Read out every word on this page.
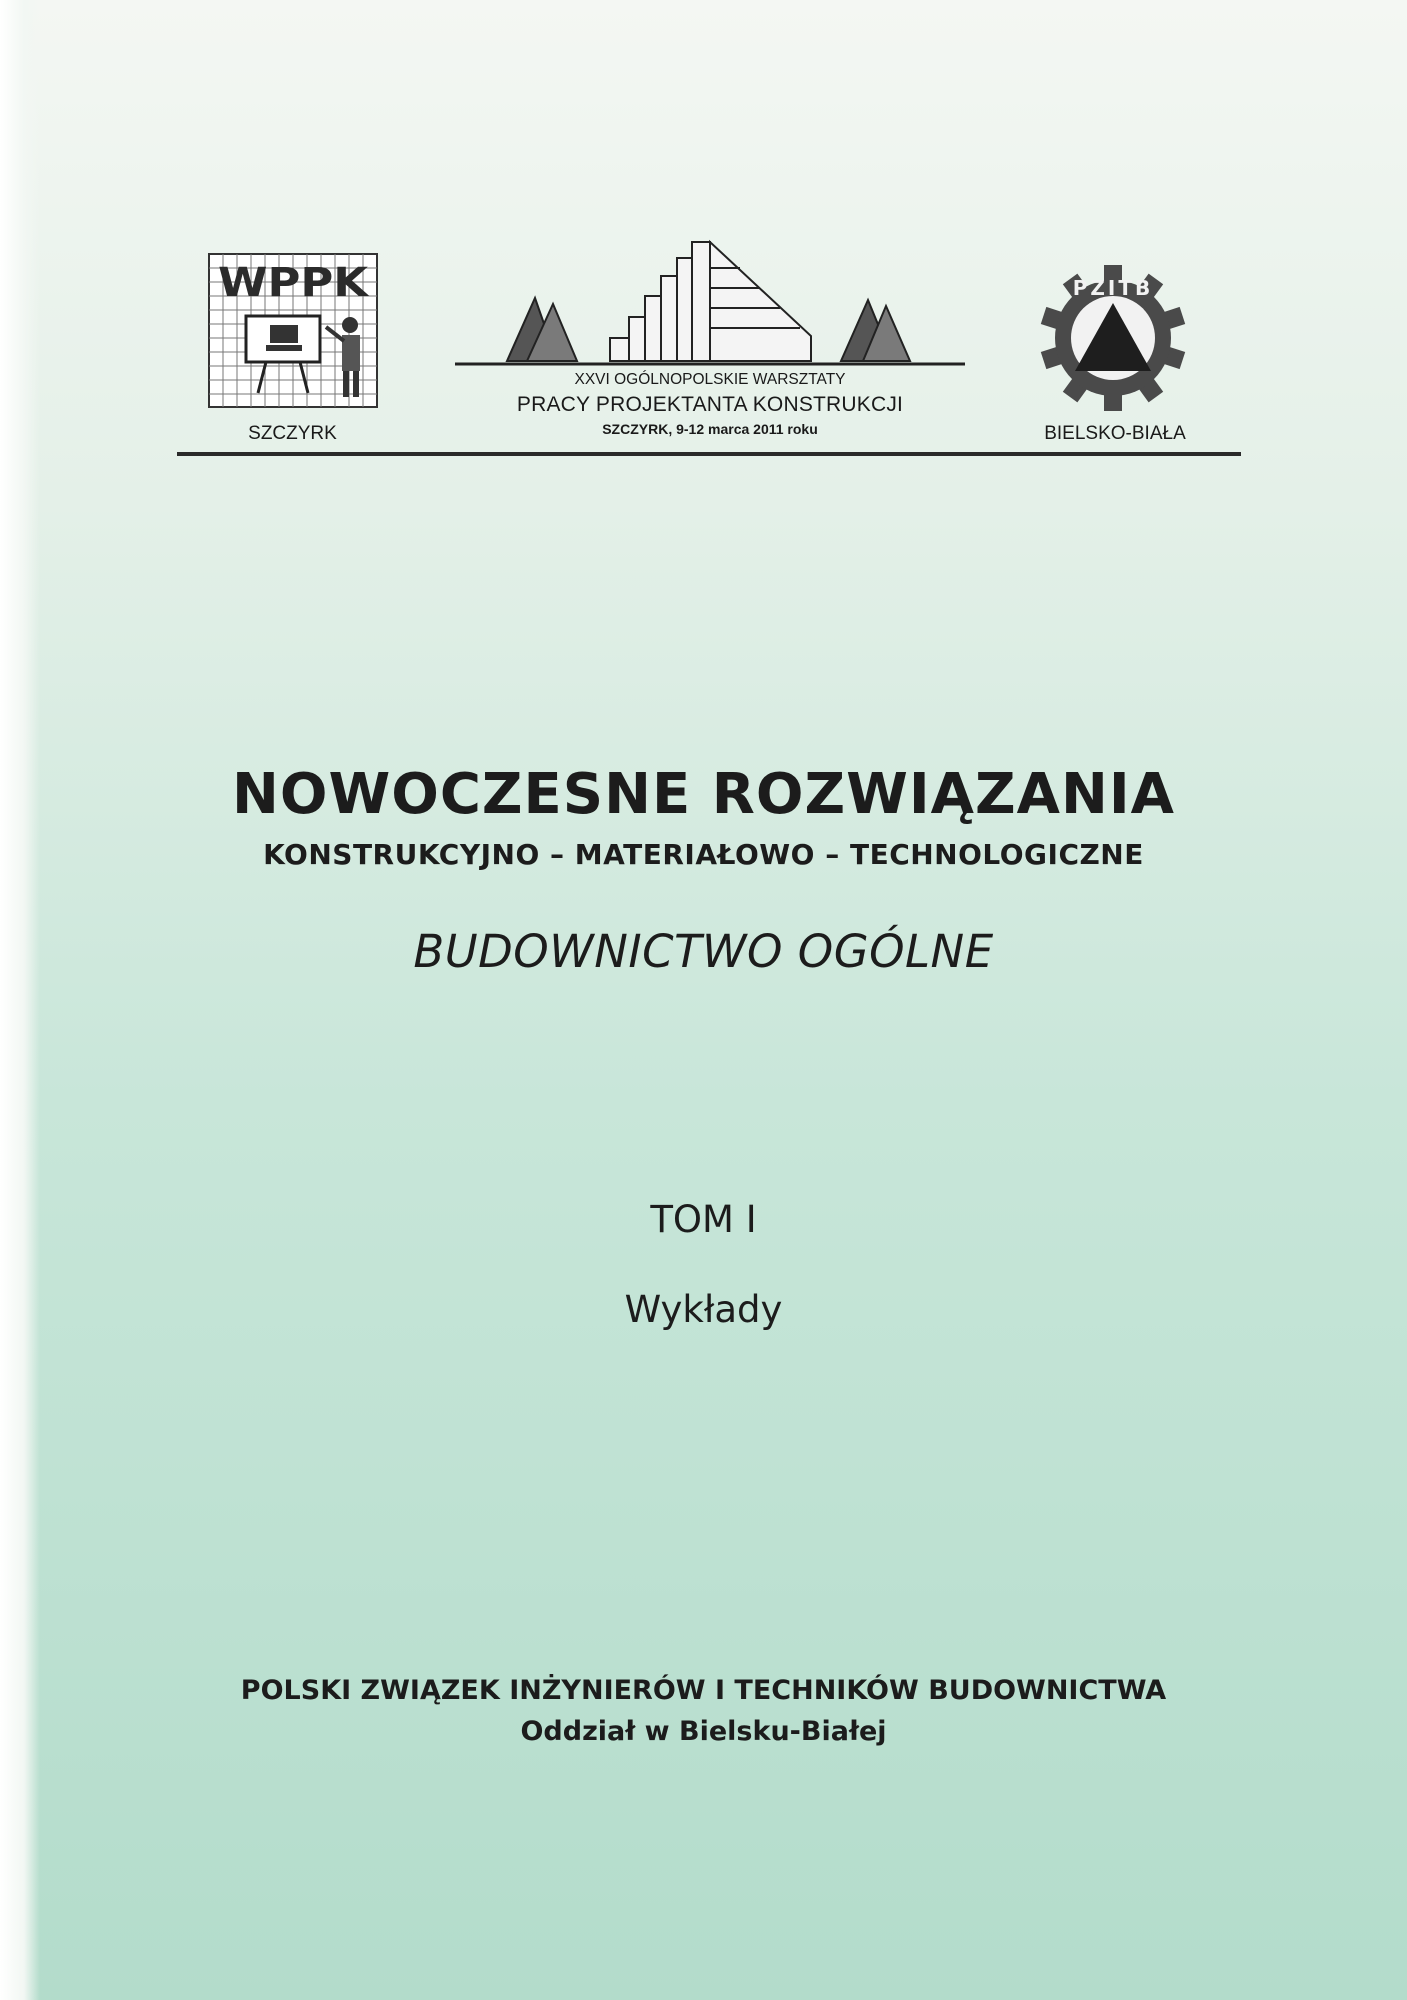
WPPK	PZITB
SZCZYRK
XXVI OGÓLNOPOLSKIE WARSZTATY
PRACY PROJEKTANTA KONSTRUKCJI
SZCZYRK, 9-12 marca 2011 roku	BIELSKO-BIAŁA
NOWOCZESNE ROZWIĄZANIA
KONSTRUKCYJNO – MATERIAŁOWO – TECHNOLOGICZNE
BUDOWNICTWO OGÓLNE
TOM I
Wykłady
POLSKI ZWIĄZEK INŻYNIERÓW I TECHNIKÓW BUDOWNICTWA
Oddział w Bielsku-Białej
